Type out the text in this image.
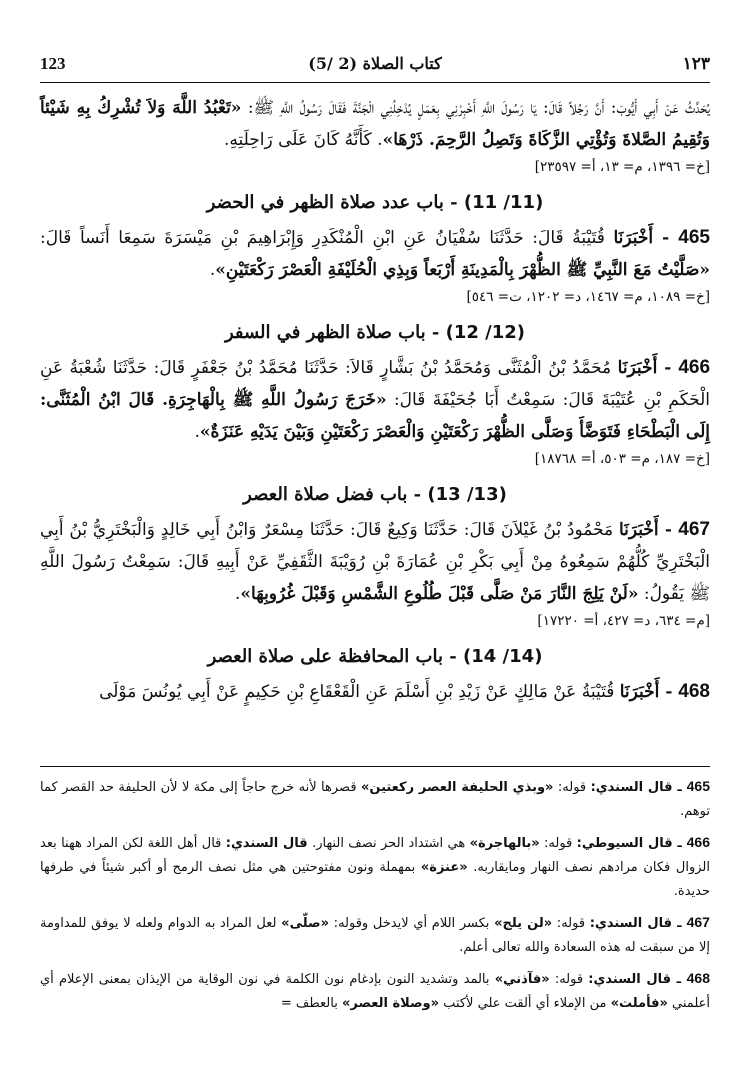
123	(5/ 2) كتاب الصلاة	١٢٣

يُحَدِّثُ عَنْ أَبِي أَيُّوبَ: أَنَّ رَجُلاً قَالَ: يَا رَسُولَ اللَّهِ أَخْبِرْنِي بِعَمَلٍ يُدْخِلُنِي الْجَنَّةَ فَقَالَ رَسُولُ اللَّهِ ﷺ: «تَعْبُدُ اللَّهَ وَلاَ تُشْرِكُ بِهِ شَيْئاً وَتُقِيمُ الصَّلاةَ وَتُؤْتِي الزَّكَاةَ وَتَصِلُ الرَّحِمَ. ذَرْهَا». كَأَنَّهُ كَانَ عَلَى رَاحِلَتِهِ.

[خ= ١٣٩٦، م= ١٣، أ= ٢٣٥٩٧]

(11/ 11) - باب عدد صلاة الظهر في الحضر

465 - أَخْبَرَنَا قُتَيْبَةُ قَالَ: حَدَّثَنَا سُفْيَانُ عَنِ ابْنِ الْمُنْكَدِرِ وَإِبْرَاهِيمَ بْنِ مَيْسَرَةَ سَمِعَا أَنَساً قَالَ: «صَلَّيْتُ مَعَ النَّبِيِّ ﷺ الظُّهْرَ بِالْمَدِينَةِ أَرْبَعاً وَبِذِي الْحُلَيْفَةِ الْعَصْرَ رَكْعَتَيْنِ».

[خ= ١٠٨٩، م= ١٤٦٧، د= ١٢٠٢، ت= ٥٤٦]

(12/ 12) - باب صلاة الظهر في السفر

466 - أَخْبَرَنَا مُحَمَّدُ بْنُ الْمُثَنَّى وَمُحَمَّدُ بْنُ بَشَّارٍ قَالاَ: حَدَّثَنَا مُحَمَّدُ بْنُ جَعْفَرٍ قَالَ: حَدَّثَنَا شُعْبَةُ عَنِ الْحَكَمِ بْنِ عُتَيْبَةَ قَالَ: سَمِعْتُ أَبَا جُحَيْفَةَ قَالَ: «خَرَجَ رَسُولُ اللَّهِ ﷺ بِالْهَاجِرَةِ. قَالَ ابْنُ الْمُثَنَّى: إِلَى الْبَطْحَاءِ فَتَوَضَّأَ وَصَلَّى الظُّهْرَ رَكْعَتَيْنِ وَالْعَصْرَ رَكْعَتَيْنِ وَبَيْنَ يَدَيْهِ عَنَزَةٌ».

[خ= ١٨٧، م= ٥٠٣، أ= ١٨٧٦٨]

(13/ 13) - باب فضل صلاة العصر

467 - أَخْبَرَنَا مَحْمُودُ بْنُ غَيْلاَنَ قَالَ: حَدَّثَنَا وَكِيعٌ قَالَ: حَدَّثَنَا مِسْعَرٌ وَابْنُ أَبِي خَالِدٍ وَالْبَخْتَرِيُّ بْنُ أَبِي الْبَخْتَرِيِّ كُلُّهُمْ سَمِعُوهُ مِنْ أَبِي بَكْرِ بْنِ عُمَارَةَ بْنِ رُوَيْبَةَ الثَّقَفِيِّ عَنْ أَبِيهِ قَالَ: سَمِعْتُ رَسُولَ اللَّهِ ﷺ يَقُولُ: «لَنْ يَلِجَ النَّارَ مَنْ صَلَّى قَبْلَ طُلُوعِ الشَّمْسِ وَقَبْلَ غُرُوبِهَا».

[م= ٦٣٤، د= ٤٢٧، أ= ١٧٢٢٠]

(14/ 14) - باب المحافظة على صلاة العصر

468 - أَخْبَرَنَا قُتَيْبَةُ عَنْ مَالِكٍ عَنْ زَيْدِ بْنِ أَسْلَمَ عَنِ الْقَعْقَاعِ بْنِ حَكِيمٍ عَنْ أَبِي يُونُسَ مَوْلَى

465 ـ قال السندي: قوله: «وبذي الحليفة العصر ركعتين» قصرها لأنه خرج حاجاً إلى مكة لا لأن الحليفة حد القصر كما توهم.

466 ـ قال السيوطي: قوله: «بالهاجرة» هي اشتداد الحر نصف النهار. قال السندي: قال أهل اللغة لكن المراد ههنا بعد الزوال فكان مرادهم نصف النهار ومايقاربه. «عنزة» بمهملة ونون مفتوحتين هي مثل نصف الرمح أو أكبر شيئاً في طرفها حديدة.

467 ـ قال السندي: قوله: «لن يلج» بكسر اللام أي لايدخل وقوله: «صلّى» لعل المراد به الدوام ولعله لا يوفق للمداومة إلا من سبقت له هذه السعادة والله تعالى أعلم.

468 ـ قال السندي: قوله: «فآذني» بالمد وتشديد النون بإدغام نون الكلمة في نون الوقاية من الإيذان بمعنى الإعلام أي أعلمني «فأملت» من الإملاء أي ألقت علي لأكتب «وصلاة العصر» بالعطف =
